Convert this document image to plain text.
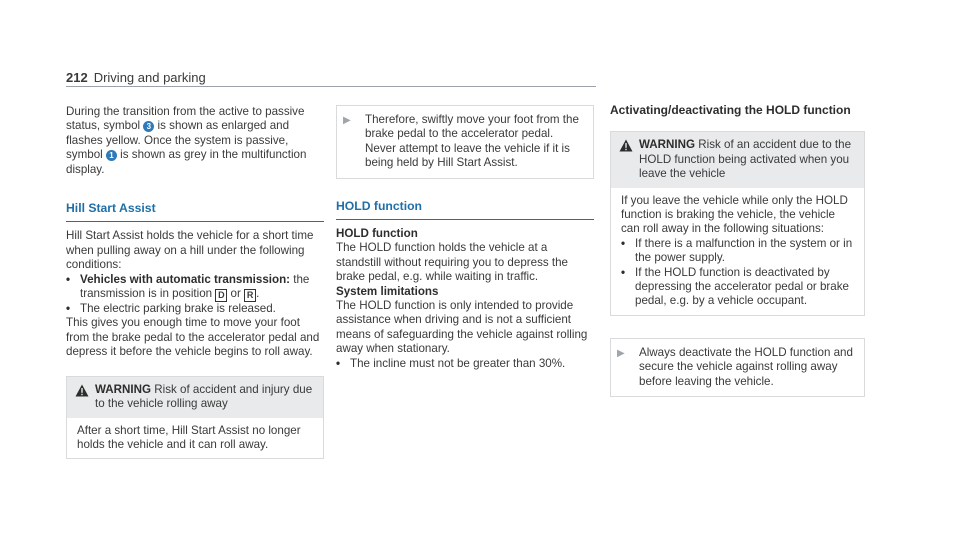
212 Driving and parking

During the transition from the active to passive status, symbol 3 is shown as enlarged and flashes yellow. Once the system is passive, symbol 1 is shown as grey in the multifunction display.

Hill Start Assist

Hill Start Assist holds the vehicle for a short time when pulling away on a hill under the following conditions:

• Vehicles with automatic transmission: the transmission is in position D or R .
• The electric parking brake is released.

This gives you enough time to move your foot from the brake pedal to the accelerator pedal and depress it before the vehicle begins to roll away.

WARNING Risk of accident and injury due to the vehicle rolling away
After a short time, Hill Start Assist no longer holds the vehicle and it can roll away.
▶	Therefore, swiftly move your foot from the brake pedal to the accelerator pedal. Never attempt to leave the vehicle if it is being held by Hill Start Assist.
HOLD function

HOLD function

The HOLD function holds the vehicle at a standstill without requiring you to depress the brake pedal, e.g. while waiting in traffic.

System limitations

The HOLD function is only intended to provide assistance when driving and is not a sufficient means of safeguarding the vehicle against rolling away when stationary.

• The incline must not be greater than 30%.

Activating/deactivating the HOLD function

WARNING Risk of an accident due to the HOLD function being activated when you leave the vehicle

If you leave the vehicle while only the HOLD function is braking the vehicle, the vehicle can roll away in the following situations:

• If there is a malfunction in the system or in the power supply.
• If the HOLD function is deactivated by depressing the accelerator pedal or brake pedal, e.g. by a vehicle occupant.
▶	Always deactivate the HOLD function and secure the vehicle against rolling away before leaving the vehicle.
